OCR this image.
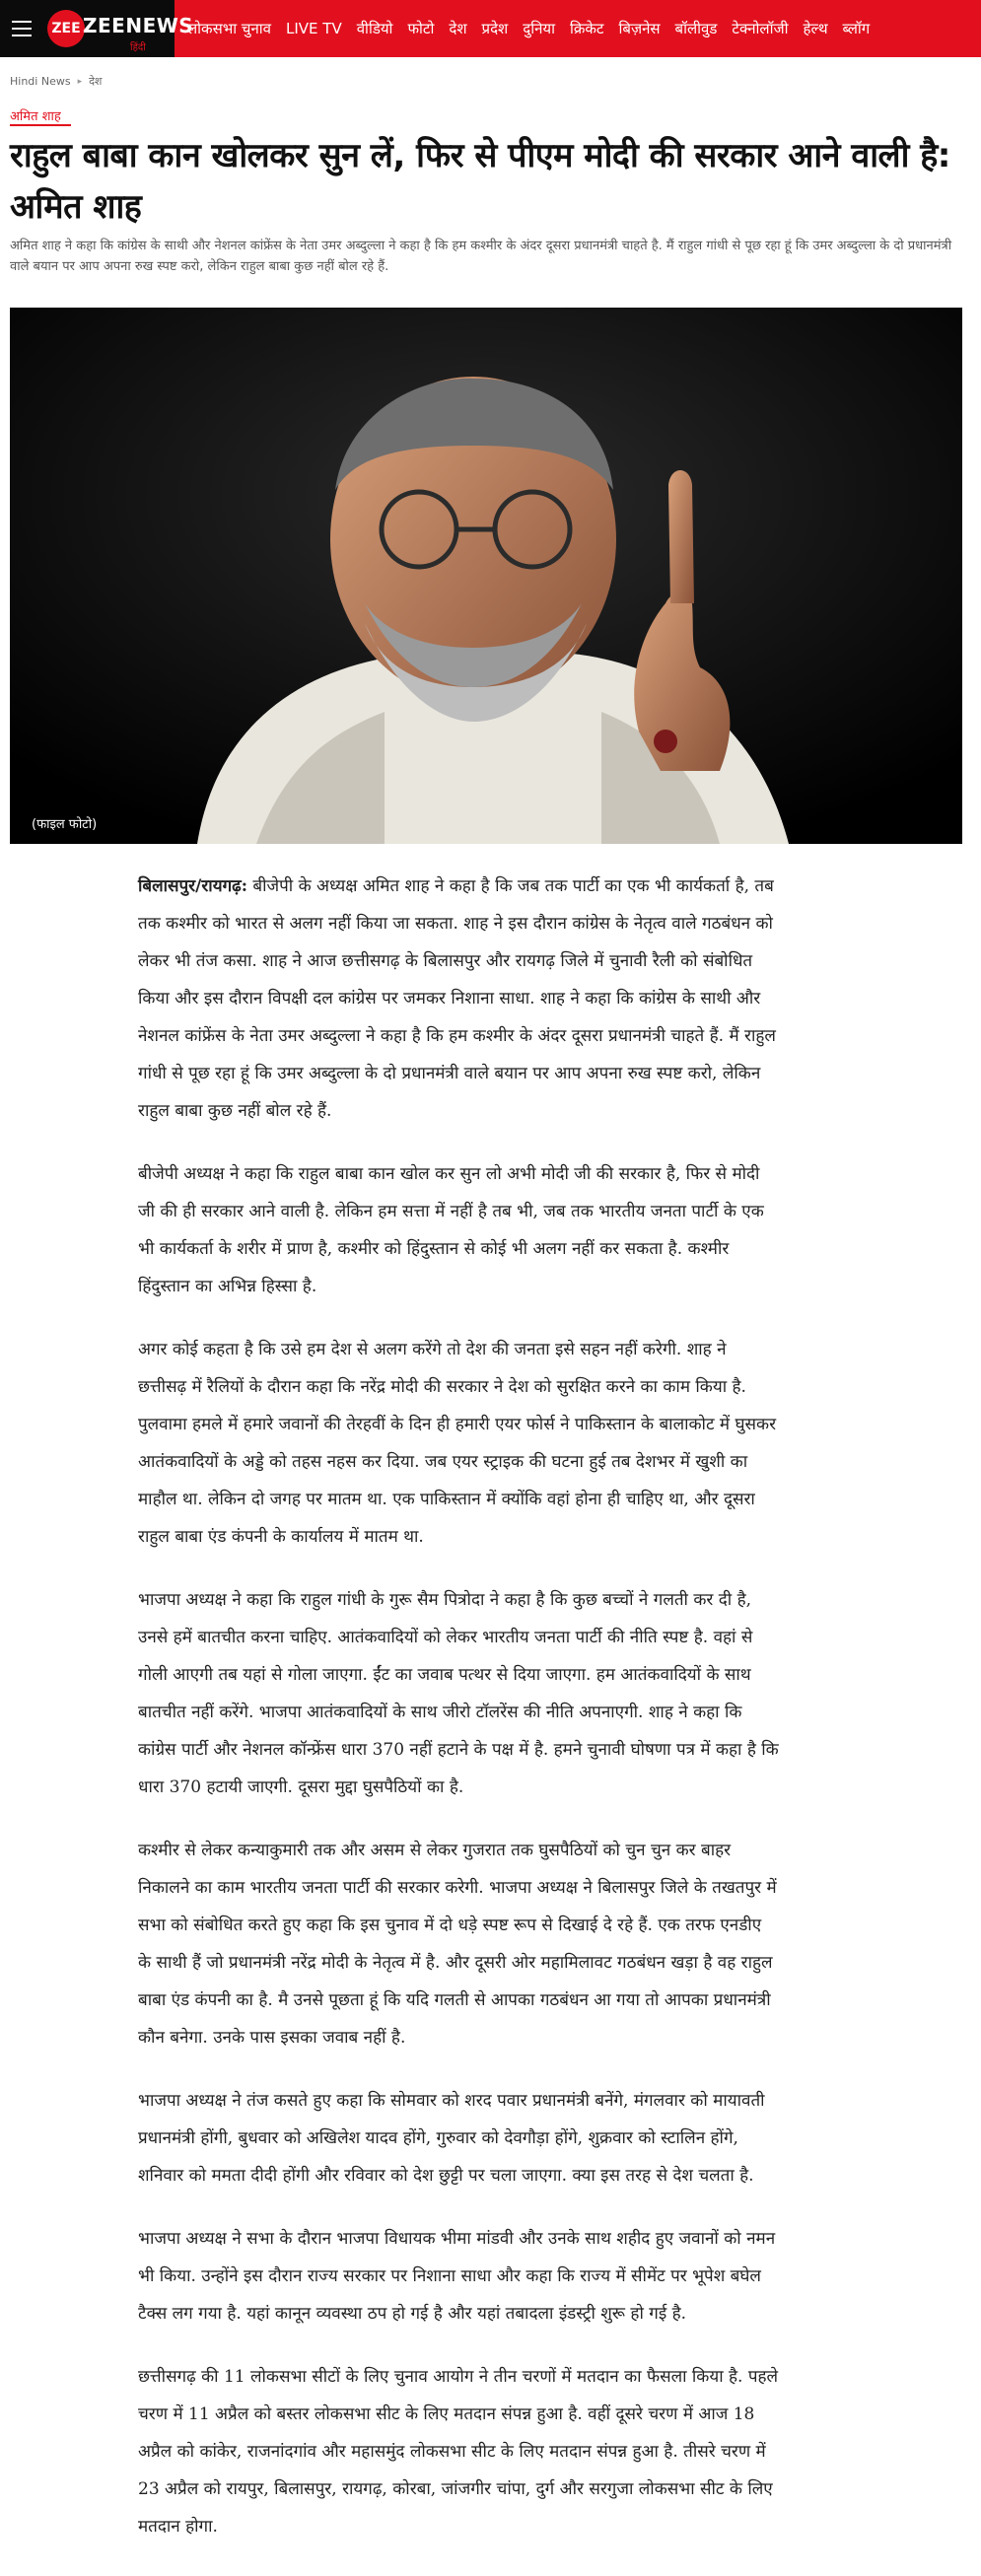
ZEE ZEENEWS
हिंदी
लोकसभा चुनाव LIVE TV वीडियो फोटो देश प्रदेश दुनिया क्रिकेट बिज़नेस बॉलीवुड टेक्नोलॉजी हेल्थ ब्लॉग
Hindi News ▸ देश
अमित शाह
राहुल बाबा कान खोलकर सुन लें, फिर से पीएम मोदी की सरकार आने वाली है: अमित शाह

अमित शाह ने कहा कि कांग्रेस के साथी और नेशनल कांफ्रेंस के नेता उमर अब्दुल्ला ने कहा है कि हम कश्मीर के अंदर दूसरा प्रधानमंत्री चाहते है. मैं राहुल गांधी से पूछ रहा हूं कि उमर अब्दुल्ला के दो प्रधानमंत्री वाले बयान पर आप अपना रुख स्पष्ट करो, लेकिन राहुल बाबा कुछ नहीं बोल रहे हैं.

(फाइल फोटो)

बिलासपुर/रायगढ़: बीजेपी के अध्यक्ष अमित शाह ने कहा है कि जब तक पार्टी का एक भी कार्यकर्ता है, तब तक कश्मीर को भारत से अलग नहीं किया जा सकता. शाह ने इस दौरान कांग्रेस के नेतृत्व वाले गठबंधन को लेकर भी तंज कसा. शाह ने आज छत्तीसगढ़ के बिलासपुर और रायगढ़ जिले में चुनावी रैली को संबोधित किया और इस दौरान विपक्षी दल कांग्रेस पर जमकर निशाना साधा. शाह ने कहा कि कांग्रेस के साथी और नेशनल कांफ्रेंस के नेता उमर अब्दुल्ला ने कहा है कि हम कश्मीर के अंदर दूसरा प्रधानमंत्री चाहते हैं. मैं राहुल गांधी से पूछ रहा हूं कि उमर अब्दुल्ला के दो प्रधानमंत्री वाले बयान पर आप अपना रुख स्पष्ट करो, लेकिन राहुल बाबा कुछ नहीं बोल रहे हैं.

बीजेपी अध्यक्ष ने कहा कि राहुल बाबा कान खोल कर सुन लो अभी मोदी जी की सरकार है, फिर से मोदी जी की ही सरकार आने वाली है. लेकिन हम सत्ता में नहीं है तब भी, जब तक भारतीय जनता पार्टी के एक भी कार्यकर्ता के शरीर में प्राण है, कश्मीर को हिंदुस्तान से कोई भी अलग नहीं कर सकता है. कश्मीर हिंदुस्तान का अभिन्न हिस्सा है.

अगर कोई कहता है कि उसे हम देश से अलग करेंगे तो देश की जनता इसे सहन नहीं करेगी. शाह ने छत्तीसढ़ में रैलियों के दौरान कहा कि नरेंद्र मोदी की सरकार ने देश को सुरक्षित करने का काम किया है. पुलवामा हमले में हमारे जवानों की तेरहवीं के दिन ही हमारी एयर फोर्स ने पाकिस्तान के बालाकोट में घुसकर आतंकवादियों के अड्डे को तहस नहस कर दिया. जब एयर स्ट्राइक की घटना हुई तब देशभर में खुशी का माहौल था. लेकिन दो जगह पर मातम था. एक पाकिस्तान में क्योंकि वहां होना ही चाहिए था, और दूसरा राहुल बाबा एंड कंपनी के कार्यालय में मातम था.

भाजपा अध्यक्ष ने कहा कि राहुल गांधी के गुरू सैम पित्रोदा ने कहा है कि कुछ बच्चों ने गलती कर दी है, उनसे हमें बातचीत करना चाहिए. आतंकवादियों को लेकर भारतीय जनता पार्टी की नीति स्पष्ट है. वहां से गोली आएगी तब यहां से गोला जाएगा. ईंट का जवाब पत्थर से दिया जाएगा. हम आतंकवादियों के साथ बातचीत नहीं करेंगे. भाजपा आतंकवादियों के साथ जीरो टॉलरेंस की नीति अपनाएगी. शाह ने कहा कि कांग्रेस पार्टी और नेशनल कॉन्फ्रेंस धारा 370 नहीं हटाने के पक्ष में है. हमने चुनावी घोषणा पत्र में कहा है कि धारा 370 हटायी जाएगी. दूसरा मुद्दा घुसपैठियों का है.

कश्मीर से लेकर कन्याकुमारी तक और असम से लेकर गुजरात तक घुसपैठियों को चुन चुन कर बाहर निकालने का काम भारतीय जनता पार्टी की सरकार करेगी. भाजपा अध्यक्ष ने बिलासपुर जिले के तखतपुर में सभा को संबोधित करते हुए कहा कि इस चुनाव में दो धड़े स्पष्ट रूप से दिखाई दे रहे हैं. एक तरफ एनडीए के साथी हैं जो प्रधानमंत्री नरेंद्र मोदी के नेतृत्व में है. और दूसरी ओर महामिलावट गठबंधन खड़ा है वह राहुल बाबा एंड कंपनी का है. मै उनसे पूछता हूं कि यदि गलती से आपका गठबंधन आ गया तो आपका प्रधानमंत्री कौन बनेगा. उनके पास इसका जवाब नहीं है.

भाजपा अध्यक्ष ने तंज कसते हुए कहा कि सोमवार को शरद पवार प्रधानमंत्री बनेंगे, मंगलवार को मायावती प्रधानमंत्री होंगी, बुधवार को अखिलेश यादव होंगे, गुरुवार को देवगौड़ा होंगे, शुक्रवार को स्टालिन होंगे, शनिवार को ममता दीदी होंगी और रविवार को देश छुट्टी पर चला जाएगा. क्या इस तरह से देश चलता है.

भाजपा अध्यक्ष ने सभा के दौरान भाजपा विधायक भीमा मांडवी और उनके साथ शहीद हुए जवानों को नमन भी किया. उन्होंने इस दौरान राज्य सरकार पर निशाना साधा और कहा कि राज्य में सीमेंट पर भूपेश बघेल टैक्स लग गया है. यहां कानून व्यवस्था ठप हो गई है और यहां तबादला इंडस्ट्री शुरू हो गई है.

छत्तीसगढ़ की 11 लोकसभा सीटों के लिए चुनाव आयोग ने तीन चरणों में मतदान का फैसला किया है. पहले चरण में 11 अप्रैल को बस्तर लोकसभा सीट के लिए मतदान संपन्न हुआ है. वहीं दूसरे चरण में आज 18 अप्रैल को कांकेर, राजनांदगांव और महासमुंद लोकसभा सीट के लिए मतदान संपन्न हुआ है. तीसरे चरण में 23 अप्रैल को रायपुर, बिलासपुर, रायगढ़, कोरबा, जांजगीर चांपा, दुर्ग और सरगुजा लोकसभा सीट के लिए मतदान होगा.
